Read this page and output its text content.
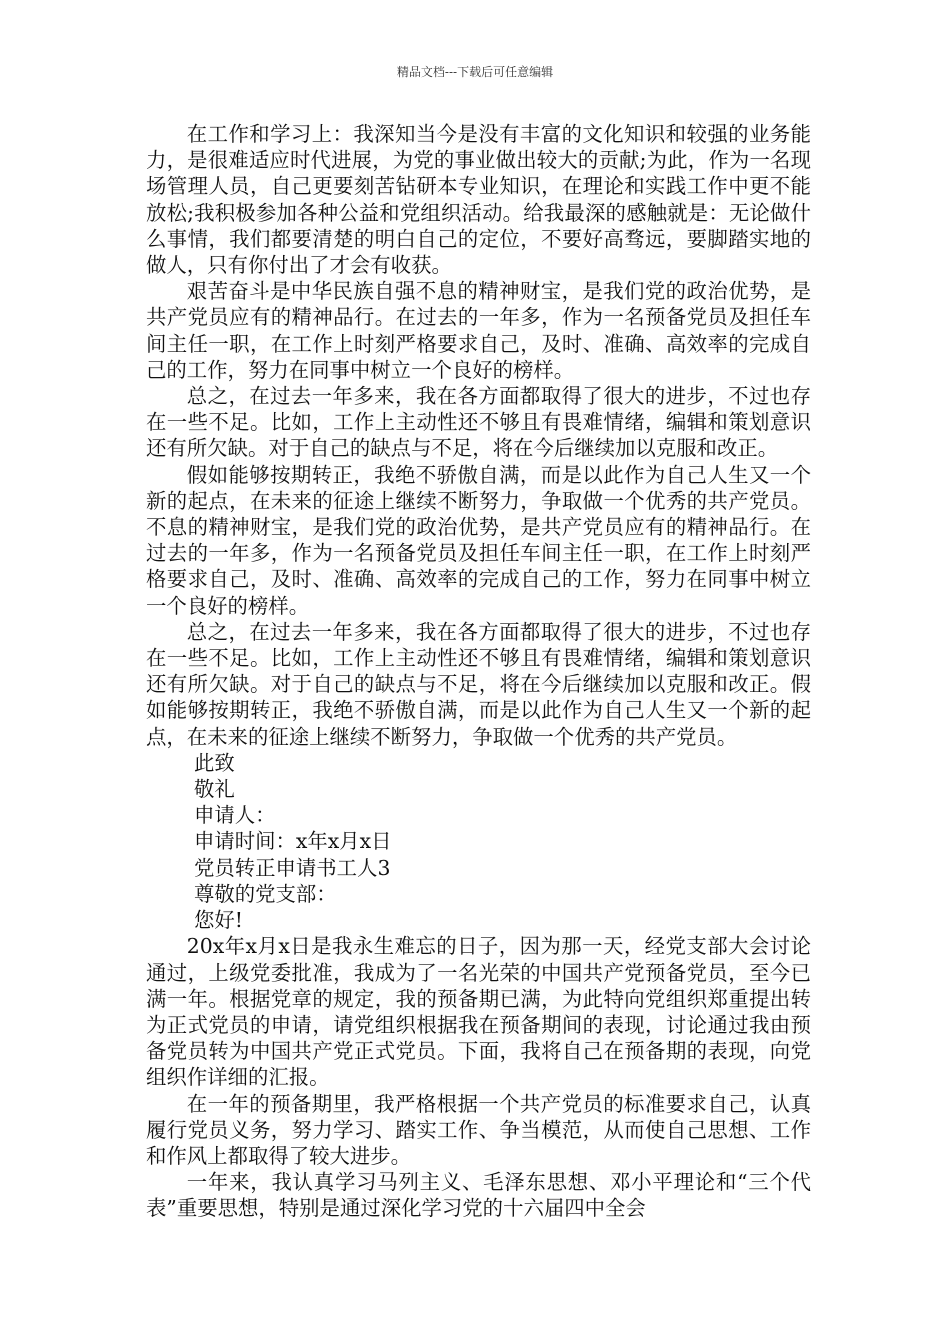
精品文档---下载后可任意编辑

在工作和学习上：我深知当今是没有丰富的文化知识和较强的业务能力，是很难适应时代进展，为党的事业做出较大的贡献;为此，作为一名现场管理人员，自己更要刻苦钻研本专业知识，在理论和实践工作中更不能放松;我积极参加各种公益和党组织活动。给我最深的感触就是：无论做什么事情，我们都要清楚的明白自己的定位，不要好高骛远，要脚踏实地的做人，只有你付出了才会有收获。

艰苦奋斗是中华民族自强不息的精神财宝，是我们党的政治优势，是共产党员应有的精神品行。在过去的一年多，作为一名预备党员及担任车间主任一职，在工作上时刻严格要求自己，及时、准确、高效率的完成自己的工作，努力在同事中树立一个良好的榜样。

总之，在过去一年多来，我在各方面都取得了很大的进步，不过也存在一些不足。比如，工作上主动性还不够且有畏难情绪，编辑和策划意识还有所欠缺。对于自己的缺点与不足，将在今后继续加以克服和改正。

假如能够按期转正，我绝不骄傲自满，而是以此作为自己人生又一个新的起点，在未来的征途上继续不断努力，争取做一个优秀的共产党员。不息的精神财宝，是我们党的政治优势，是共产党员应有的精神品行。在过去的一年多，作为一名预备党员及担任车间主任一职，在工作上时刻严格要求自己，及时、准确、高效率的完成自己的工作，努力在同事中树立一个良好的榜样。

总之，在过去一年多来，我在各方面都取得了很大的进步，不过也存在一些不足。比如，工作上主动性还不够且有畏难情绪，编辑和策划意识还有所欠缺。对于自己的缺点与不足，将在今后继续加以克服和改正。假如能够按期转正，我绝不骄傲自满，而是以此作为自己人生又一个新的起点，在未来的征途上继续不断努力，争取做一个优秀的共产党员。

此致

敬礼

申请人：

申请时间：x年x月x日

党员转正申请书工人3

尊敬的党支部：

您好!

20x年x月x日是我永生难忘的日子，因为那一天，经党支部大会讨论通过，上级党委批准，我成为了一名光荣的中国共产党预备党员，至今已满一年。根据党章的规定，我的预备期已满，为此特向党组织郑重提出转为正式党员的申请，请党组织根据我在预备期间的表现，讨论通过我由预备党员转为中国共产党正式党员。下面，我将自己在预备期的表现，向党组织作详细的汇报。

在一年的预备期里，我严格根据一个共产党员的标准要求自己，认真履行党员义务，努力学习、踏实工作、争当模范，从而使自己思想、工作和作风上都取得了较大进步。

一年来，我认真学习马列主义、毛泽东思想、邓小平理论和“三个代表”重要思想，特别是通过深化学习党的十六届四中全会
